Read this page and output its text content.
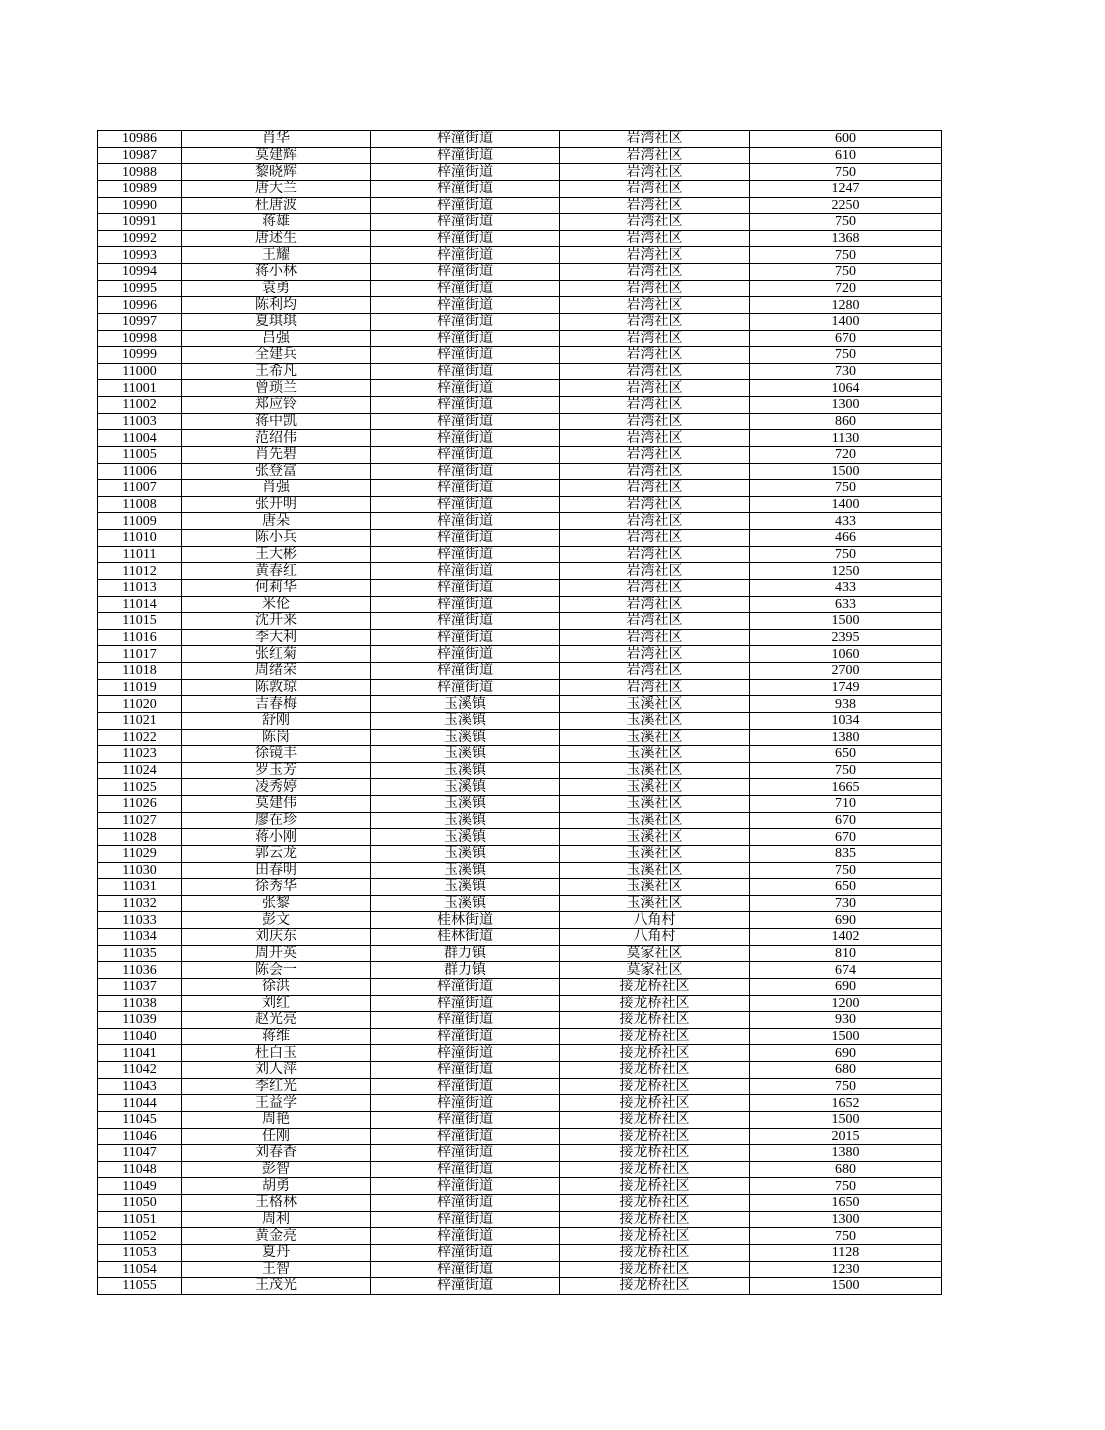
10986	肖华	梓潼街道	岩湾社区	600
10987	莫建辉	梓潼街道	岩湾社区	610
10988	黎晓辉	梓潼街道	岩湾社区	750
10989	唐大兰	梓潼街道	岩湾社区	1247
10990	杜唐波	梓潼街道	岩湾社区	2250
10991	蒋雄	梓潼街道	岩湾社区	750
10992	唐述生	梓潼街道	岩湾社区	1368
10993	王耀	梓潼街道	岩湾社区	750
10994	蒋小林	梓潼街道	岩湾社区	750
10995	袁勇	梓潼街道	岩湾社区	720
10996	陈利均	梓潼街道	岩湾社区	1280
10997	夏琪琪	梓潼街道	岩湾社区	1400
10998	吕强	梓潼街道	岩湾社区	670
10999	全建兵	梓潼街道	岩湾社区	750
11000	王希凡	梓潼街道	岩湾社区	730
11001	曾琐兰	梓潼街道	岩湾社区	1064
11002	郑应铃	梓潼街道	岩湾社区	1300
11003	蒋中凯	梓潼街道	岩湾社区	860
11004	范绍伟	梓潼街道	岩湾社区	1130
11005	肖先碧	梓潼街道	岩湾社区	720
11006	张登富	梓潼街道	岩湾社区	1500
11007	肖强	梓潼街道	岩湾社区	750
11008	张开明	梓潼街道	岩湾社区	1400
11009	唐朵	梓潼街道	岩湾社区	433
11010	陈小兵	梓潼街道	岩湾社区	466
11011	王大彬	梓潼街道	岩湾社区	750
11012	黄春红	梓潼街道	岩湾社区	1250
11013	何莉华	梓潼街道	岩湾社区	433
11014	米伦	梓潼街道	岩湾社区	633
11015	沈开来	梓潼街道	岩湾社区	1500
11016	李大利	梓潼街道	岩湾社区	2395
11017	张红菊	梓潼街道	岩湾社区	1060
11018	周绪荣	梓潼街道	岩湾社区	2700
11019	陈敦琼	梓潼街道	岩湾社区	1749
11020	吉春梅	玉溪镇	玉溪社区	938
11021	舒刚	玉溪镇	玉溪社区	1034
11022	陈岗	玉溪镇	玉溪社区	1380
11023	徐镜丰	玉溪镇	玉溪社区	650
11024	罗玉芳	玉溪镇	玉溪社区	750
11025	凌秀婷	玉溪镇	玉溪社区	1665
11026	莫建伟	玉溪镇	玉溪社区	710
11027	廖在珍	玉溪镇	玉溪社区	670
11028	蒋小刚	玉溪镇	玉溪社区	670
11029	郭云龙	玉溪镇	玉溪社区	835
11030	田春明	玉溪镇	玉溪社区	750
11031	徐秀华	玉溪镇	玉溪社区	650
11032	张黎	玉溪镇	玉溪社区	730
11033	彭文	桂林街道	八角村	690
11034	刘庆东	桂林街道	八角村	1402
11035	周开英	群力镇	莫家社区	810
11036	陈会一	群力镇	莫家社区	674
11037	徐洪	梓潼街道	接龙桥社区	690
11038	刘红	梓潼街道	接龙桥社区	1200
11039	赵光亮	梓潼街道	接龙桥社区	930
11040	蒋维	梓潼街道	接龙桥社区	1500
11041	杜白玉	梓潼街道	接龙桥社区	690
11042	刘人萍	梓潼街道	接龙桥社区	680
11043	李红光	梓潼街道	接龙桥社区	750
11044	王益学	梓潼街道	接龙桥社区	1652
11045	周艳	梓潼街道	接龙桥社区	1500
11046	任刚	梓潼街道	接龙桥社区	2015
11047	刘春香	梓潼街道	接龙桥社区	1380
11048	彭智	梓潼街道	接龙桥社区	680
11049	胡勇	梓潼街道	接龙桥社区	750
11050	王格林	梓潼街道	接龙桥社区	1650
11051	周利	梓潼街道	接龙桥社区	1300
11052	黄金亮	梓潼街道	接龙桥社区	750
11053	夏丹	梓潼街道	接龙桥社区	1128
11054	王智	梓潼街道	接龙桥社区	1230
11055	王茂光	梓潼街道	接龙桥社区	1500
